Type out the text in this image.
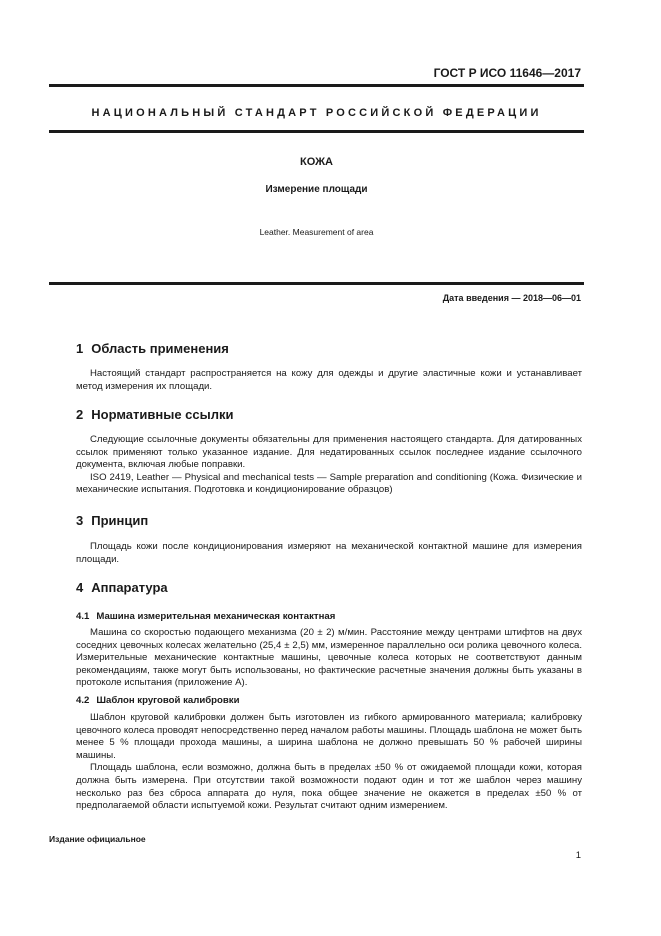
ГОСТ Р ИСО 11646—2017
НАЦИОНАЛЬНЫЙ СТАНДАРТ РОССИЙСКОЙ ФЕДЕРАЦИИ
КОЖА
Измерение площади
Leather. Measurement of area
Дата введения — 2018—06—01
1 Область применения

Настоящий стандарт распространяется на кожу для одежды и другие эластичные кожи и устанавливает метод измерения их площади.

2 Нормативные ссылки

Следующие ссылочные документы обязательны для применения настоящего стандарта. Для датированных ссылок применяют только указанное издание. Для недатированных ссылок последнее издание ссылочного документа, включая любые поправки.

ISO 2419, Leather — Physical and mechanical tests — Sample preparation and conditioning (Кожа. Физические и механические испытания. Подготовка и кондиционирование образцов)

3 Принцип

Площадь кожи после кондиционирования измеряют на механической контактной машине для измерения площади.

4 Аппаратура
4.1 Машина измерительная механическая контактная

Машина со скоростью подающего механизма (20 ± 2) м/мин. Расстояние между центрами штифтов на двух соседних цевочных колесах желательно (25,4 ± 2,5) мм, измеренное параллельно оси ролика цевочного колеса. Измерительные механические контактные машины, цевочные колеса которых не соответствуют данным рекомендациям, также могут быть использованы, но фактические расчетные значения должны быть указаны в протоколе испытания (приложение А).

4.2 Шаблон круговой калибровки

Шаблон круговой калибровки должен быть изготовлен из гибкого армированного материала; калибровку цевочного колеса проводят непосредственно перед началом работы машины. Площадь шаблона не может быть менее 5 % площади прохода машины, а ширина шаблона не должно превышать 50 % рабочей ширины машины.

Площадь шаблона, если возможно, должна быть в пределах ±50 % от ожидаемой площади кожи, которая должна быть измерена. При отсутствии такой возможности подают один и тот же шаблон через машину несколько раз без сброса аппарата до нуля, пока общее значение не окажется в пределах ±50 % от предполагаемой области испытуемой кожи. Результат считают одним измерением.

Издание официальное
1
